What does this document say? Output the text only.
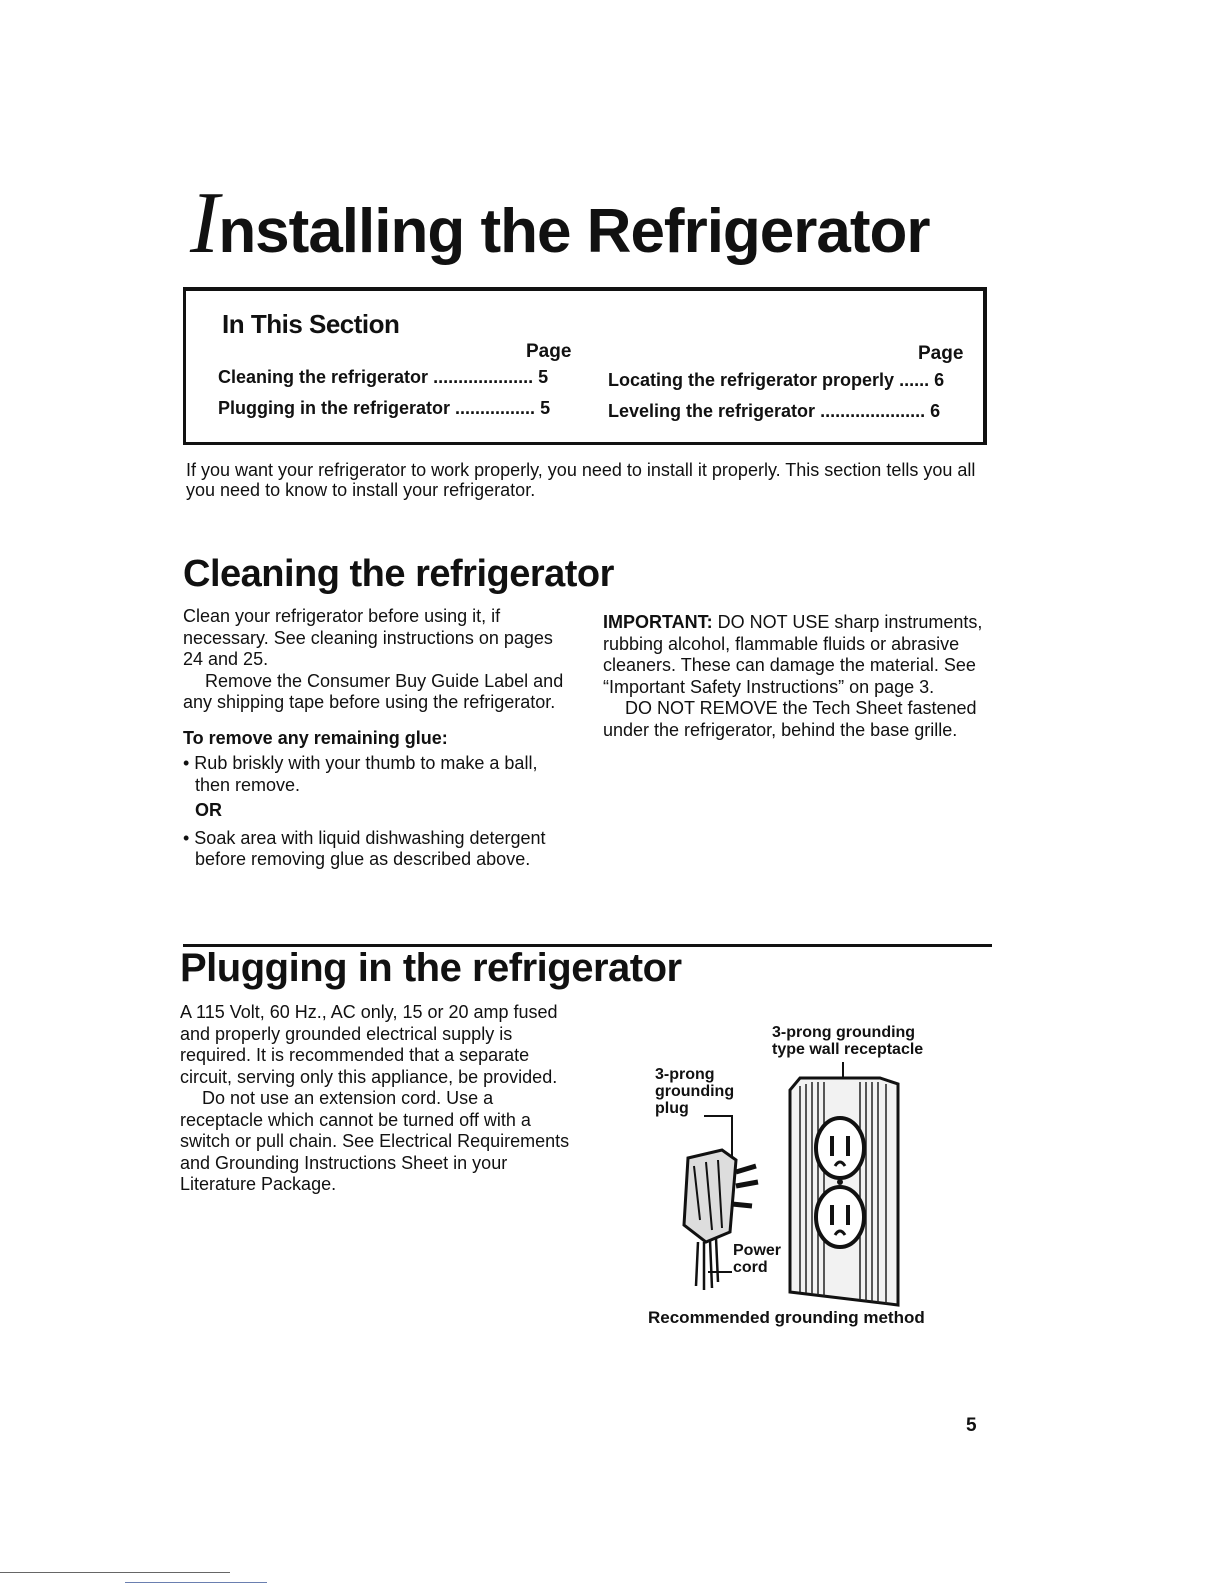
Installing the Refrigerator
In This Section
Page	Page
Cleaning the refrigerator .................... 5
Plugging in the refrigerator ................ 5
Locating the refrigerator properly ...... 6
Leveling the refrigerator ..................... 6
If you want your refrigerator to work properly, you need to install it properly. This section tells you all you need to know to install your refrigerator.
Cleaning the refrigerator

Clean your refrigerator before using it, if necessary. See cleaning instructions on pages 24 and 25.

Remove the Consumer Buy Guide Label and any shipping tape before using the refrigerator.

To remove any remaining glue:

• Rub briskly with your thumb to make a ball, then remove.

OR

• Soak area with liquid dishwashing detergent before removing glue as described above.

IMPORTANT: DO NOT USE sharp instruments, rubbing alcohol, flammable fluids or abrasive cleaners. These can damage the material. See “Important Safety Instructions” on page 3.

DO NOT REMOVE the Tech Sheet fastened under the refrigerator, behind the base grille.

Plugging in the refrigerator

A 115 Volt, 60 Hz., AC only, 15 or 20 amp fused and properly grounded electrical supply is required. It is recommended that a separate circuit, serving only this appliance, be provided.

Do not use an extension cord. Use a receptacle which cannot be turned off with a switch or pull chain. See Electrical Requirements and Grounding Instructions Sheet in your Literature Package.

3-prong grounding
type wall receptacle
3-prong
grounding
plug
Power
cord
Recommended grounding method
5
